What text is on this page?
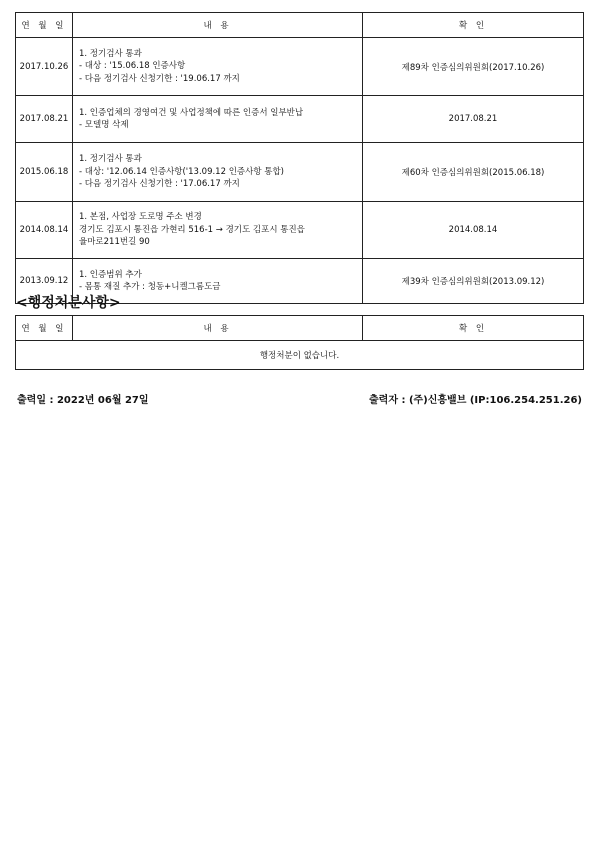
연 월 일	내 용	확 인
2017.10.26	1. 정기검사 통과
- 대상 : '15.06.18 인증사항
- 다음 정기검사 신청기한 : '19.06.17 까지	제89차 인증심의위원회(2017.10.26)
2017.08.21	1. 인증업체의 경영여건 및 사업정책에 따른 인증서 일부반납
- 모델명 삭제	2017.08.21
2015.06.18	1. 정기검사 통과
- 대상: '12.06.14 인증사항('13.09.12 인증사항 통합)
- 다음 정기검사 신청기한 : '17.06.17 까지	제60차 인증심의위원회(2015.06.18)
2014.08.14	1. 본점, 사업장 도로명 주소 변경
경기도 김포시 통진읍 가현리 516-1 → 경기도 김포시 통진읍
율마로211번길 90	2014.08.14
2013.09.12	1. 인증범위 추가
- 몸통 재질 추가 : 청동+니켈그롬도금	제39차 인증심의위원회(2013.09.12)
<행정처분사항>
연 월 일	내 용	확 인
행정처분이 없습니다.
출력일 : 2022년 06월 27일	출력자 : (주)신흥밸브 (IP:106.254.251.26)
